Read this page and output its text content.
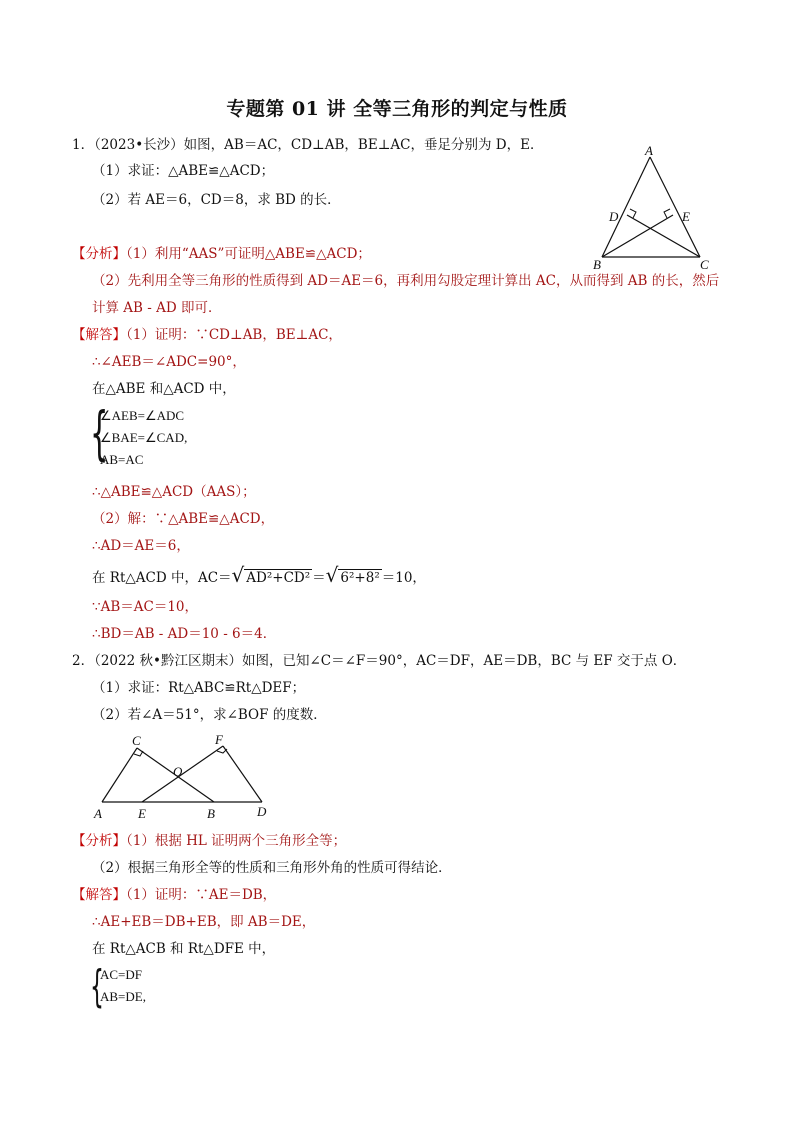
专题第 01 讲 全等三角形的判定与性质
1．（2023•长沙）如图，AB＝AC，CD⊥AB，BE⊥AC，垂足分别为 D，E．
（1）求证：△ABE≌△ACD；
（2）若 AE＝6，CD＝8，求 BD 的长．
A
D	E
B	C
【分析】（1）利用“AAS”可证明△ABE≌△ACD；
（2）先利用全等三角形的性质得到 AD＝AE＝6，再利用勾股定理计算出 AC，从而得到 AB 的长，然后
计算 AB - AD 即可．
【解答】（1）证明：∵CD⊥AB，BE⊥AC，
∴∠AEB＝∠ADC=90°，
在△ABE 和△ACD 中，
{
∠AEB=∠ADC
∠BAE=∠CAD,
AB=AC
∴△ABE≌△ACD（AAS）；
（2）解：∵△ABE≌△ACD，
∴AD＝AE＝6，
在 Rt△ACD 中，AC＝√ AD²+CD² ＝√ 6²+8² ＝10，
∵AB＝AC＝10，
∴BD＝AB - AD＝10 - 6＝4．
2．（2022 秋•黔江区期末）如图，已知∠C＝∠F＝90°，AC＝DF，AE＝DB，BC 与 EF 交于点 O．
（1）求证：Rt△ABC≌Rt△DEF；
（2）若∠A＝51°，求∠BOF 的度数．
C	F
O
A	E	B	D
【分析】（1）根据 HL 证明两个三角形全等；
（2）根据三角形全等的性质和三角形外角的性质可得结论．
【解答】（1）证明：∵AE＝DB，
∴AE+EB＝DB+EB，即 AB＝DE，
在 Rt△ACB 和 Rt△DFE 中，
{
AC=DF
AB=DE,
